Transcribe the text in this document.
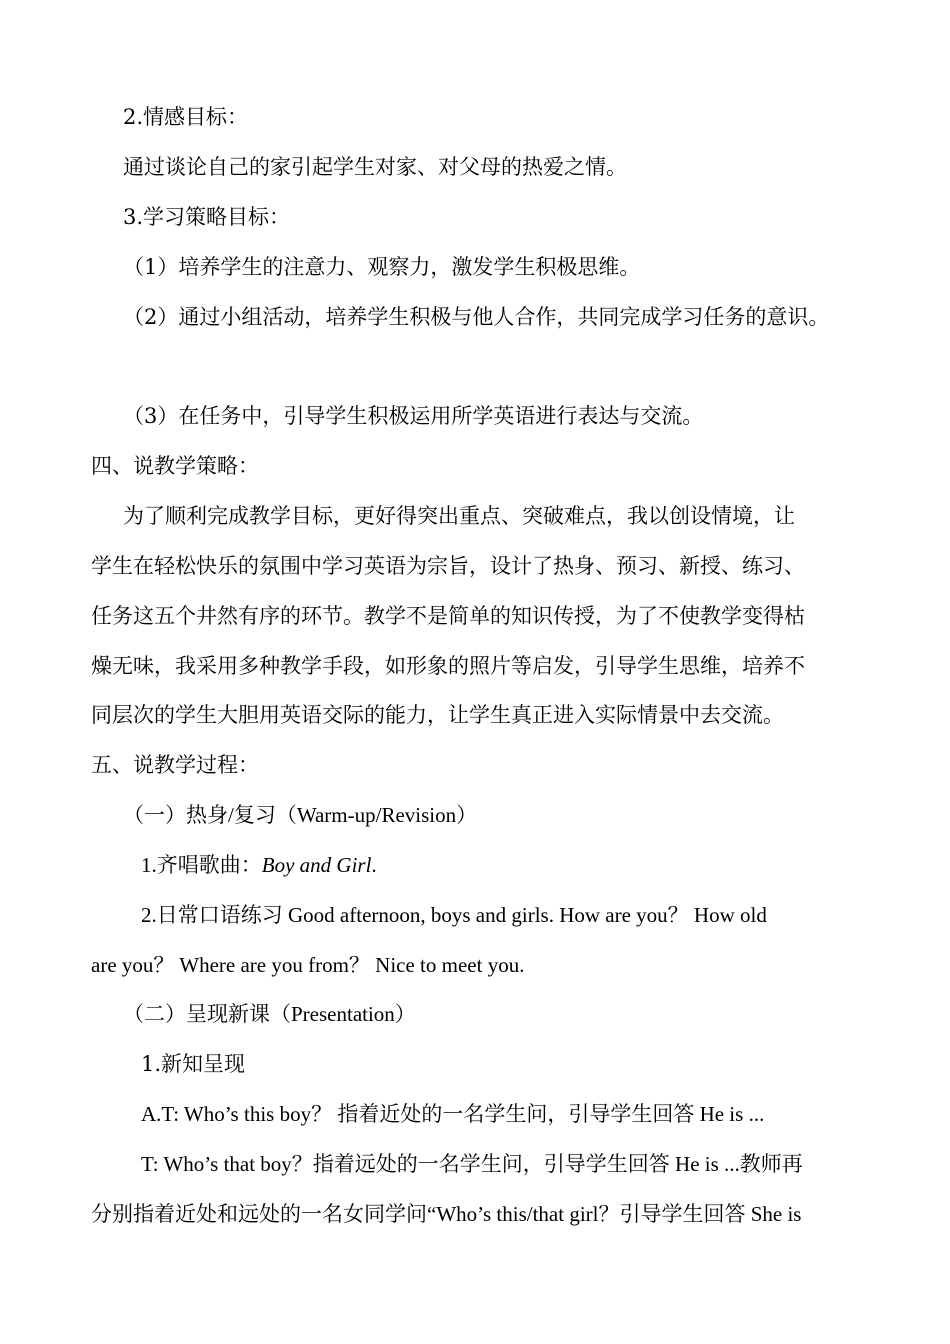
2.情感目标：
通过谈论自己的家引起学生对家、对父母的热爱之情。
3.学习策略目标：
（1）培养学生的注意力、观察力，激发学生积极思维。
（2）通过小组活动，培养学生积极与他人合作，共同完成学习任务的意识。
（3）在任务中，引导学生积极运用所学英语进行表达与交流。
四、说教学策略：
为了顺利完成教学目标，更好得突出重点、突破难点，我以创设情境，让
学生在轻松快乐的氛围中学习英语为宗旨，设计了热身、预习、新授、练习、
任务这五个井然有序的环节。教学不是简单的知识传授，为了不使教学变得枯
燥无味，我采用多种教学手段，如形象的照片等启发，引导学生思维，培养不
同层次的学生大胆用英语交际的能力，让学生真正进入实际情景中去交流。
五、说教学过程：
（一）热身/复习（Warm-up/Revision）
1.齐唱歌曲：Boy and Girl.
2.日常口语练习 Good afternoon, boys and girls. How are you？ How old
are you？ Where are you from？ Nice to meet you.
（二）呈现新课（Presentation）
1.新知呈现
A.T: Who’s this boy？ 指着近处的一名学生问，引导学生回答 He is ...
T: Who’s that boy？指着远处的一名学生问，引导学生回答 He is ...教师再
分别指着近处和远处的一名女同学问“Who’s this/that girl？引导学生回答 She is
